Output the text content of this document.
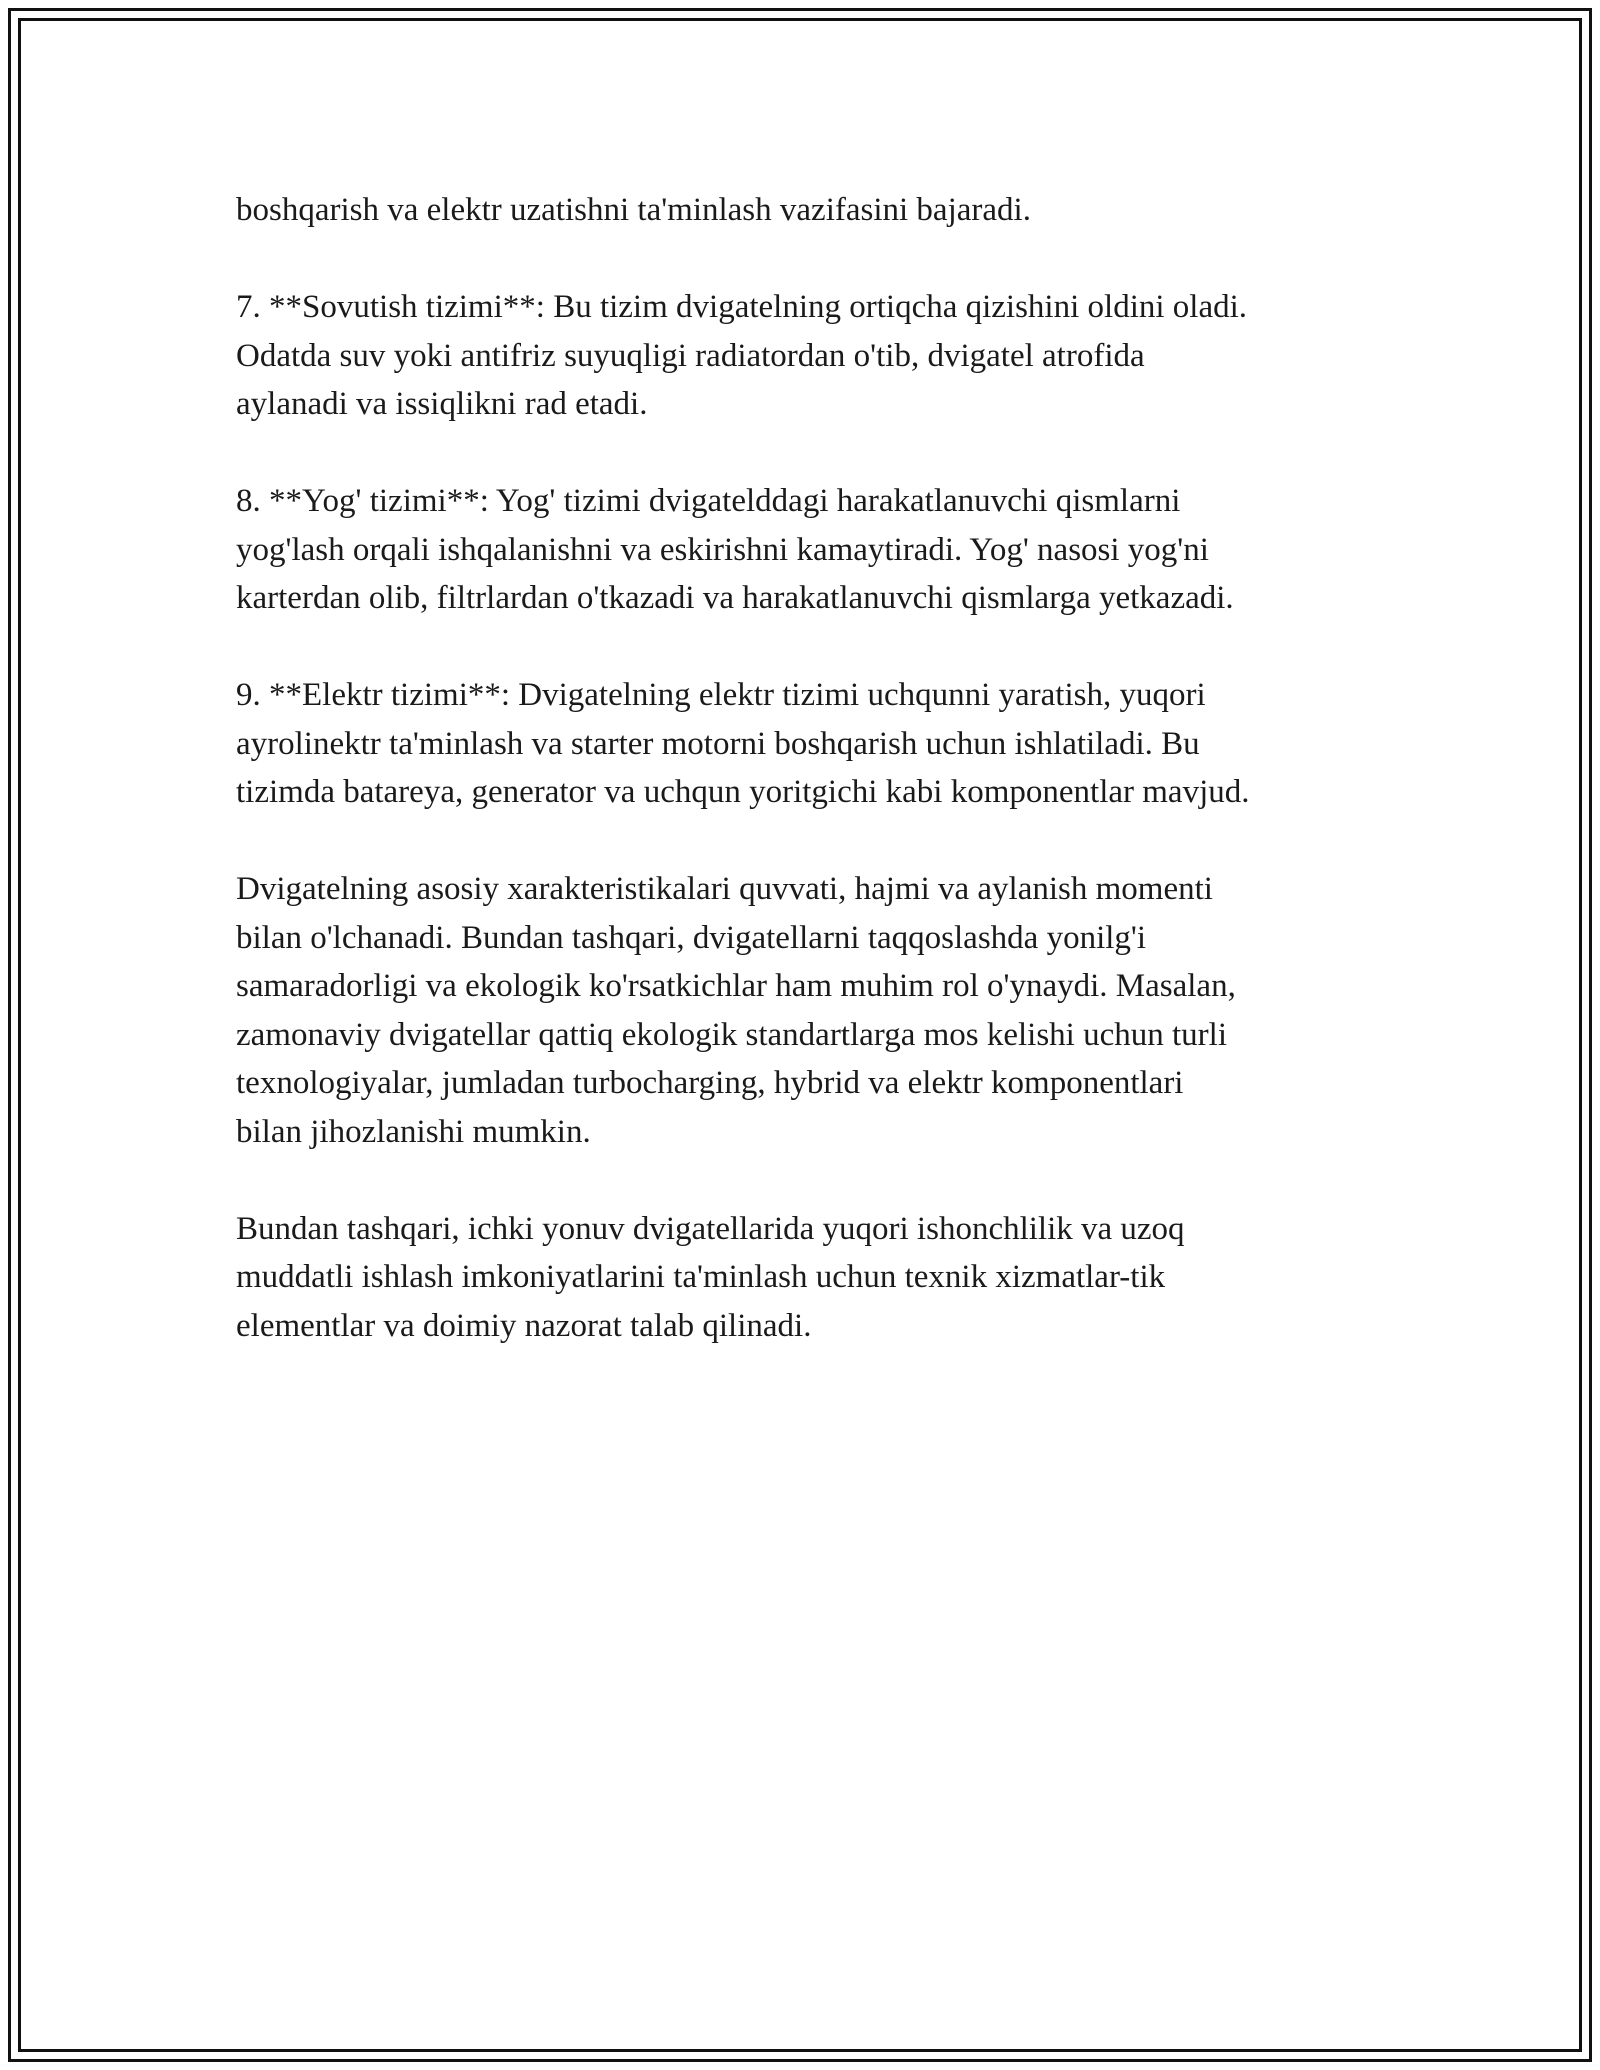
boshqarish va elektr uzatishni ta'minlash vazifasini bajaradi.

7. **Sovutish tizimi**: Bu tizim dvigatelning ortiqcha qizishini oldini oladi.
Odatda suv yoki antifriz suyuqligi radiatordan o'tib, dvigatel atrofida
aylanadi va issiqlikni rad etadi.

8. **Yog' tizimi**: Yog' tizimi dvigatelddagi harakatlanuvchi qismlarni
yog'lash orqali ishqalanishni va eskirishni kamaytiradi. Yog' nasosi yog'ni
karterdan olib, filtrlardan o'tkazadi va harakatlanuvchi qismlarga yetkazadi.

9. **Elektr tizimi**: Dvigatelning elektr tizimi uchqunni yaratish, yuqori
ayrolinektr ta'minlash va starter motorni boshqarish uchun ishlatiladi. Bu
tizimda batareya, generator va uchqun yoritgichi kabi komponentlar mavjud.

Dvigatelning asosiy xarakteristikalari quvvati, hajmi va aylanish momenti
bilan o'lchanadi. Bundan tashqari, dvigatellarni taqqoslashda yonilg'i
samaradorligi va ekologik ko'rsatkichlar ham muhim rol o'ynaydi. Masalan,
zamonaviy dvigatellar qattiq ekologik standartlarga mos kelishi uchun turli
texnologiyalar, jumladan turbocharging, hybrid va elektr komponentlari
bilan jihozlanishi mumkin.

Bundan tashqari, ichki yonuv dvigatellarida yuqori ishonchlilik va uzoq
muddatli ishlash imkoniyatlarini ta'minlash uchun texnik xizmatlar-tik
elementlar va doimiy nazorat talab qilinadi.
